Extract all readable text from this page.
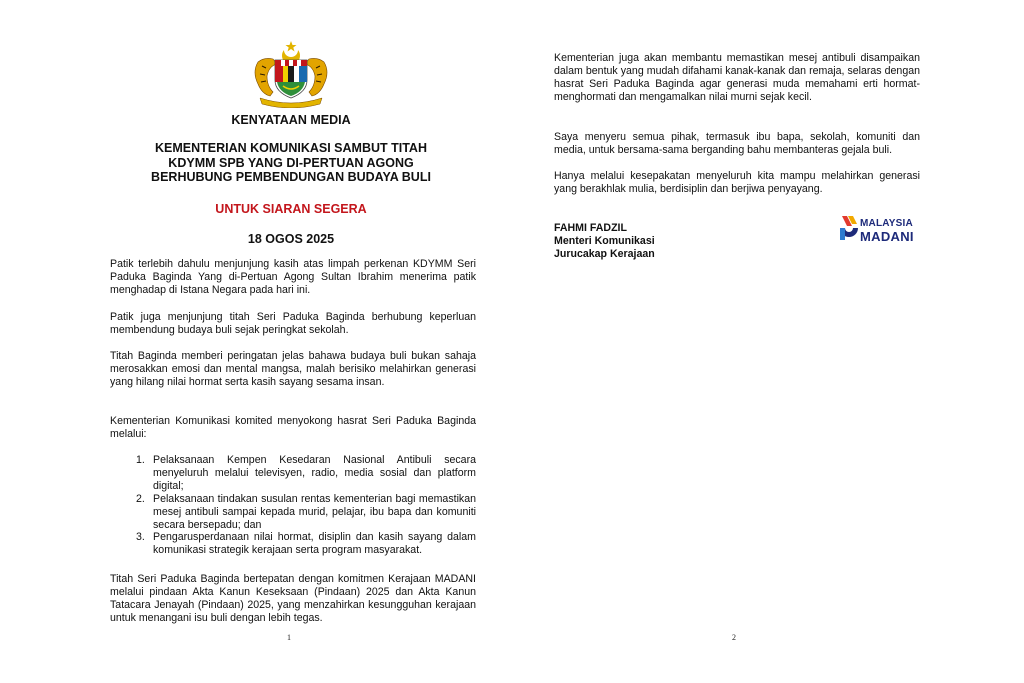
KENYATAAN MEDIA

KEMENTERIAN KOMUNIKASI SAMBUT TITAH
KDYMM SPB YANG DI-PERTUAN AGONG
BERHUBUNG PEMBENDUNGAN BUDAYA BULI

UNTUK SIARAN SEGERA

18 OGOS 2025

Patik terlebih dahulu menjunjung kasih atas limpah perkenan KDYMM Seri Paduka Baginda Yang di-Pertuan Agong Sultan Ibrahim menerima patik menghadap di Istana Negara pada hari ini.

Patik juga menjunjung titah Seri Paduka Baginda berhubung keperluan membendung budaya buli sejak peringkat sekolah.

Titah Baginda memberi peringatan jelas bahawa budaya buli bukan sahaja merosakkan emosi dan mental mangsa, malah berisiko melahirkan generasi yang hilang nilai hormat serta kasih sayang sesama insan.

Kementerian Komunikasi komited menyokong hasrat Seri Paduka Baginda melalui:

1. Pelaksanaan Kempen Kesedaran Nasional Antibuli secara menyeluruh melalui televisyen, radio, media sosial dan platform digital;
2. Pelaksanaan tindakan susulan rentas kementerian bagi memastikan mesej antibuli sampai kepada murid, pelajar, ibu bapa dan komuniti secara bersepadu; dan
3. Pengarusperdanaan nilai hormat, disiplin dan kasih sayang dalam komunikasi strategik kerajaan serta program masyarakat.

Titah Seri Paduka Baginda bertepatan dengan komitmen Kerajaan MADANI melalui pindaan Akta Kanun Keseksaan (Pindaan) 2025 dan Akta Kanun Tatacara Jenayah (Pindaan) 2025, yang menzahirkan kesungguhan kerajaan untuk menangani isu buli dengan lebih tegas.

1

Kementerian juga akan membantu memastikan mesej antibuli disampaikan dalam bentuk yang mudah difahami kanak-kanak dan remaja, selaras dengan hasrat Seri Paduka Baginda agar generasi muda memahami erti hormat-menghormati dan mengamalkan nilai murni sejak kecil.

Saya menyeru semua pihak, termasuk ibu bapa, sekolah, komuniti dan media, untuk bersama-sama berganding bahu membanteras gejala buli.

Hanya melalui kesepakatan menyeluruh kita mampu melahirkan generasi yang berakhlak mulia, berdisiplin dan berjiwa penyayang.

FAHMI FADZIL

Menteri Komunikasi

Jurucakap Kerajaan

MALAYSIA
MADANI
2
